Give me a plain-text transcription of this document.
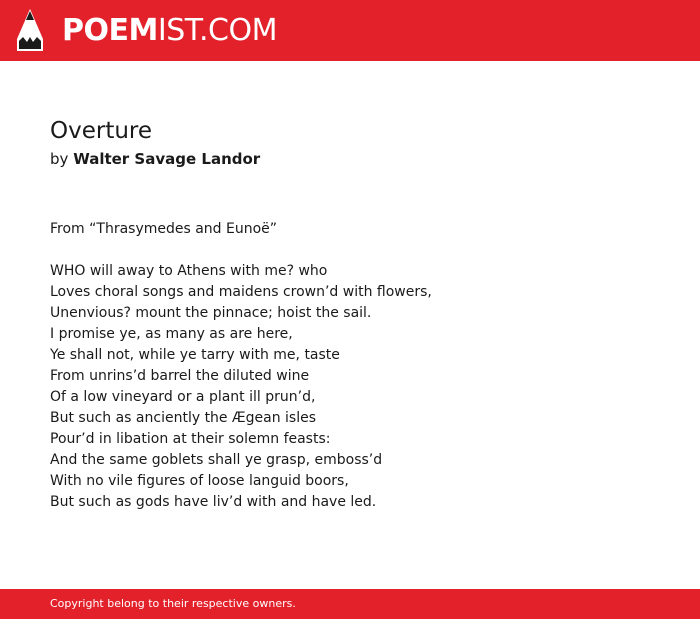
POEMIST.COM
Overture
by Walter Savage Landor
From “Thrasymedes and Eunoë”
WHO will away to Athens with me? who
Loves choral songs and maidens crown’d with flowers,
Unenvious? mount the pinnace; hoist the sail.
I promise ye, as many as are here,
Ye shall not, while ye tarry with me, taste
From unrins’d barrel the diluted wine
Of a low vineyard or a plant ill prun’d,
But such as anciently the Ægean isles
Pour’d in libation at their solemn feasts:
And the same goblets shall ye grasp, emboss’d
With no vile figures of loose languid boors,
But such as gods have liv’d with and have led.
Copyright belong to their respective owners.
